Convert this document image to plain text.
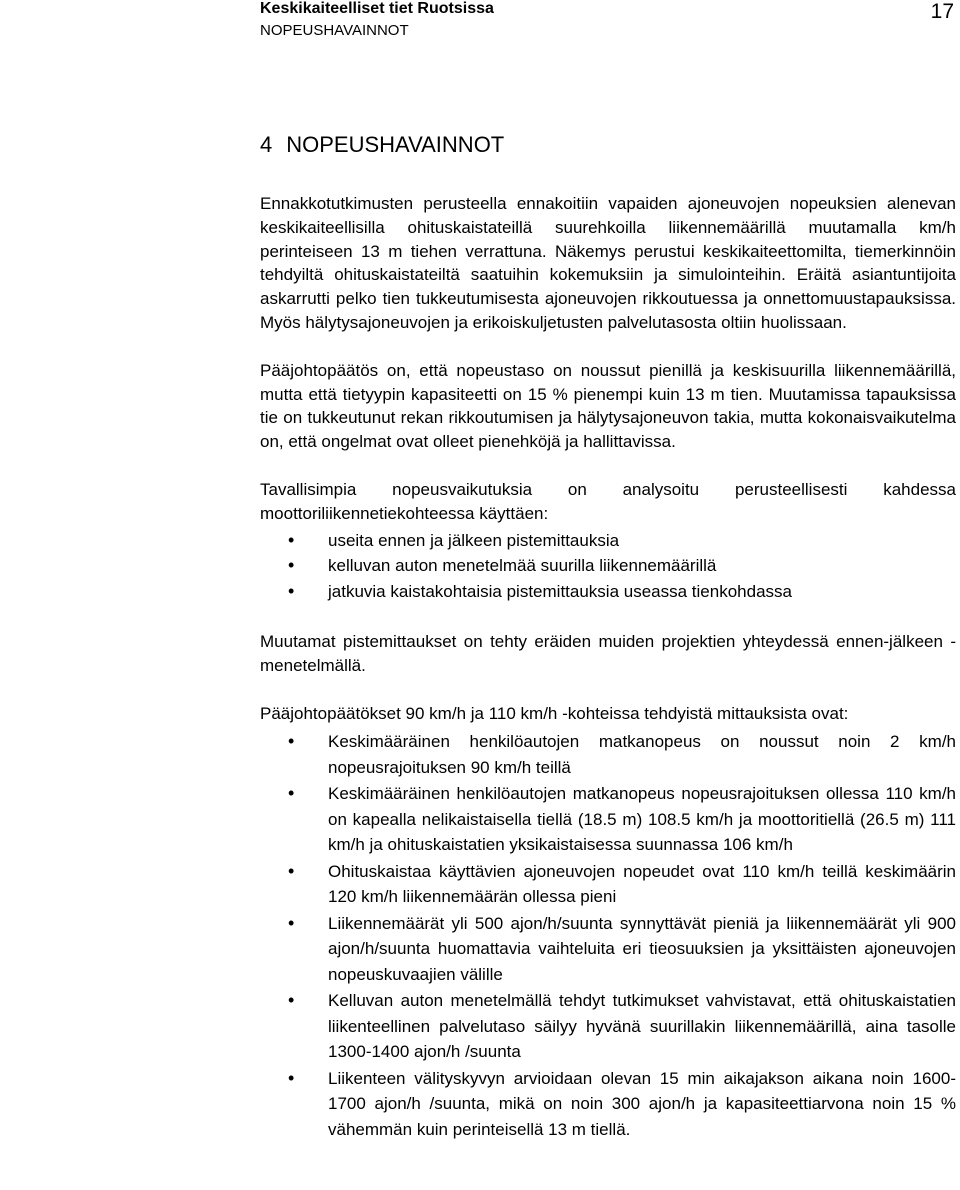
Keskikaiteelliset tiet Ruotsissa
NOPEUSHAVAINNOT
17
4 NOPEUSHAVAINNOT

Ennakkotutkimusten perusteella ennakoitiin vapaiden ajoneuvojen nopeuksien alenevan keskikaiteellisilla ohituskaistateillä suurehkoilla liikennemäärillä muutamalla km/h perinteiseen 13 m tiehen verrattuna. Näkemys perustui keskikaiteettomilta, tiemerkinnöin tehdyiltä ohituskaistateiltä saatuihin kokemuksiin ja simulointeihin. Eräitä asiantuntijoita askarrutti pelko tien tukkeutumisesta ajoneuvojen rikkoutuessa ja onnettomuustapauksissa. Myös hälytysajoneuvojen ja erikoiskuljetusten palvelutasosta oltiin huolissaan.

Pääjohtopäätös on, että nopeustaso on noussut pienillä ja keskisuurilla liikennemäärillä, mutta että tietyypin kapasiteetti on 15 % pienempi kuin 13 m tien. Muutamissa tapauksissa tie on tukkeutunut rekan rikkoutumisen ja hälytysajoneuvon takia, mutta kokonaisvaikutelma on, että ongelmat ovat olleet pienehköjä ja hallittavissa.

Tavallisimpia nopeusvaikutuksia on analysoitu perusteellisesti kahdessa moottoriliikennetiekohteessa käyttäen:

• useita ennen ja jälkeen pistemittauksia
• kelluvan auton menetelmää suurilla liikennemäärillä
• jatkuvia kaistakohtaisia pistemittauksia useassa tienkohdassa

Muutamat pistemittaukset on tehty eräiden muiden projektien yhteydessä ennen-jälkeen -menetelmällä.

Pääjohtopäätökset 90 km/h ja 110 km/h -kohteissa tehdyistä mittauksista ovat:

• Keskimääräinen henkilöautojen matkanopeus on noussut noin 2 km/h nopeusrajoituksen 90 km/h teillä
• Keskimääräinen henkilöautojen matkanopeus nopeusrajoituksen ollessa 110 km/h on kapealla nelikaistaisella tiellä (18.5 m) 108.5 km/h ja moottoritiellä (26.5 m) 111 km/h ja ohituskaistatien yksikaistaisessa suunnassa 106 km/h
• Ohituskaistaa käyttävien ajoneuvojen nopeudet ovat 110 km/h teillä keskimäärin 120 km/h liikennemäärän ollessa pieni
• Liikennemäärät yli 500 ajon/h/suunta synnyttävät pieniä ja liikennemäärät yli 900 ajon/h/suunta huomattavia vaihteluita eri tieosuuksien ja yksittäisten ajoneuvojen nopeuskuvaajien välille
• Kelluvan auton menetelmällä tehdyt tutkimukset vahvistavat, että ohituskaistatien liikenteellinen palvelutaso säilyy hyvänä suurillakin liikennemäärillä, aina tasolle 1300-1400 ajon/h /suunta
• Liikenteen välityskyvyn arvioidaan olevan 15 min aikajakson aikana noin 1600-1700 ajon/h /suunta, mikä on noin 300 ajon/h ja kapasiteettiarvona noin 15 % vähemmän kuin perinteisellä 13 m tiellä.
